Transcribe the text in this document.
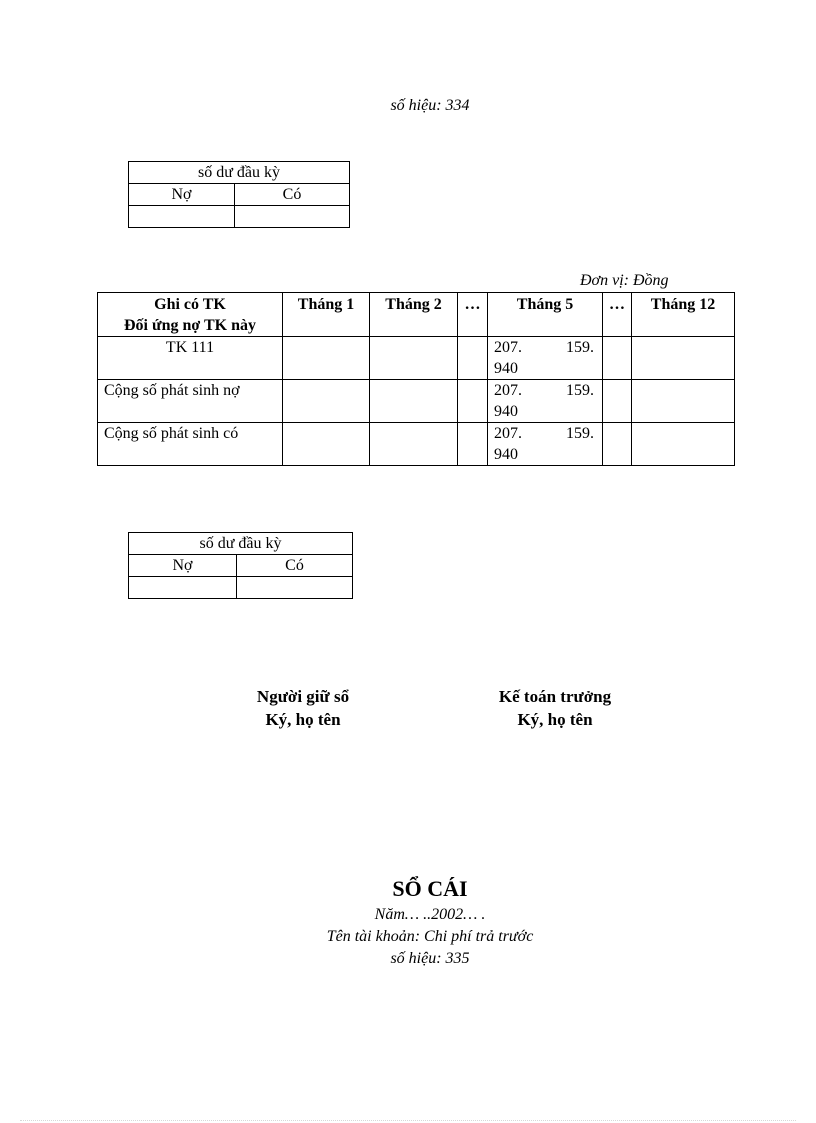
số hiệu: 334
số dư đầu kỳ	
Nợ	Có

Đơn vị: Đồng
Ghi có TK
Đối ứng nợ TK này	Tháng 1	Tháng 2	…	Tháng 5	…	Tháng 12
TK 111				207. 159.
940		

Cộng số phát sinh nợ				207. 159.
940		

Cộng số phát sinh có				207. 159.
940		

số dư đầu kỳ	
Nợ	Có

Người giữ sổ
Ký, họ tên
Kế toán trưởng
Ký, họ tên
SỔ CÁI
Năm… ..2002… .
Tên tài khoản: Chi phí trả trước
số hiệu: 335
